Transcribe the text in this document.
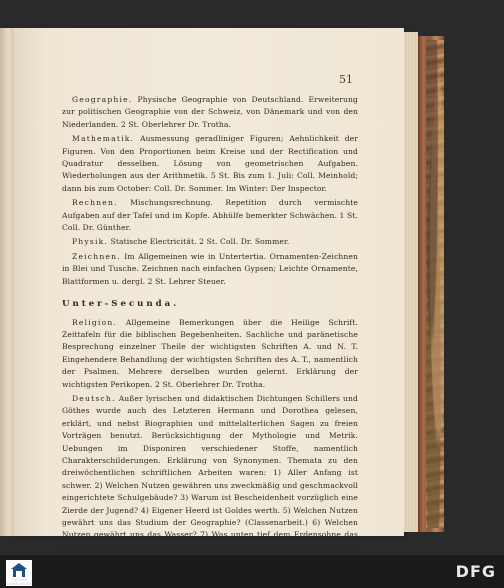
51

Geographie. Physische Geographie von Deutschland. Erweiterung zur politischen Geographie von der Schweiz, von Dänemark und von den Niederlanden. 2 St. Oberlehrer Dr. Trotha.

Mathematik. Ausmessung geradliniger Figuren; Aehnlichkeit der Figuren. Von den Proportionen beim Kreise und der Rectification und Quadratur desselben. Lösung von geometrischen Aufgaben. Wiederholungen aus der Arithmetik. 5 St. Bis zum 1. Juli: Coll. Meinhold; dann bis zum October: Coll. Dr. Sommer. Im Winter: Der Inspector.

Rechnen. Mischungsrechnung. Repetition durch vermischte Aufgaben auf der Tafel und im Kopfe. Abhülfe bemerkter Schwächen. 1 St. Coll. Dr. Günther.

Physik. Statische Electricität. 2 St. Coll. Dr. Sommer.

Zeichnen. Im Allgemeinen wie in Untertertia. Ornamenten-Zeichnen in Blei und Tusche. Zeichnen nach einfachen Gypsen; Leichte Ornamente, Blattformen u. dergl. 2 St. Lehrer Steuer.

Unter-Secunda.

Religion. Allgemeine Bemerkungen über die Heilige Schrift. Zeittafeln für die biblischen Begebenheiten. Sachliche und paränetische Besprechung einzelner Theile der wichtigsten Schriften A. und N. T. Eingehendere Behandlung der wichtigsten Schriften des A. T., namentlich der Psalmen. Mehrere derselben wurden gelernt. Erklärung der wichtigsten Perikopen. 2 St. Oberlehrer Dr. Trotha.

Deutsch. Außer lyrischen und didaktischen Dichtungen Schillers und Göthes wurde auch des Letzteren Hermann und Dorothea gelesen, erklärt, und nebst Biographien und mittelalterlichen Sagen zu freien Vorträgen benutzt. Berücksichtigung der Mythologie und Metrik. Uebungen im Disponiren verschiedener Stoffe, namentlich Charakterschilderungen. Erklärung von Synonymen. Themata zu den dreiwöchentlichen schriftlichen Arbeiten waren: 1) Aller Anfang ist schwer. 2) Welchen Nutzen gewähren uns zweckmäßig und geschmackvoll eingerichtete Schulgebäude? 3) Warum ist Bescheidenheit vorzüglich eine Zierde der Jugend? 4) Eigener Heerd ist Goldes werth. 5) Welchen Nutzen gewährt uns das Studium der Geographie? (Classenarbeit.) 6) Welchen Nutzen gewährt uns das Wasser? 7) Was unten tief dem Erdensohne das wechselnde Verhängniß bringt, das schlägt an die metall'ne Krone, die es

DIGITALE SAMMLUNGEN
DFG
